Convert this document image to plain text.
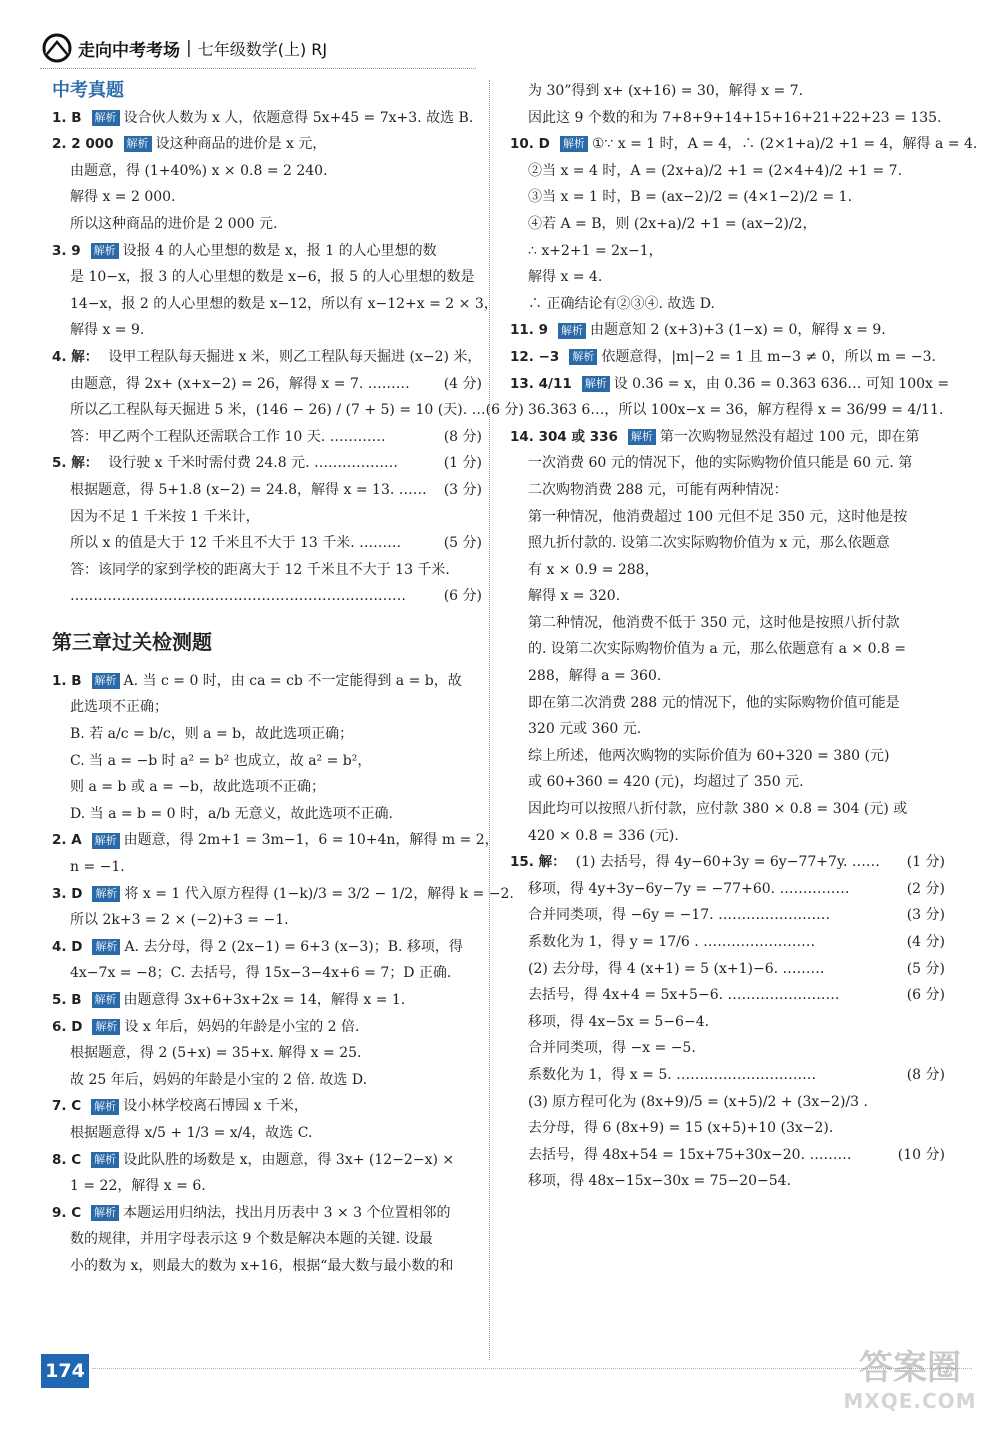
走向中考考场 | 七年级数学(上) RJ
中考真题
1. B 解析 设合伙人数为 x 人，依题意得 5x+45 = 7x+3. 故选 B.
2. 2 000 解析 设这种商品的进价是 x 元，
由题意，得 (1+40%) x × 0.8 = 2 240.
解得 x = 2 000.
所以这种商品的进价是 2 000 元.
3. 9 解析 设报 4 的人心里想的数是 x，报 1 的人心里想的数
是 10−x，报 3 的人心里想的数是 x−6，报 5 的人心里想的数是
14−x，报 2 的人心里想的数是 x−12，所以有 x−12+x = 2 × 3，
解得 x = 9.
4. 解： 设甲工程队每天掘进 x 米，则乙工程队每天掘进 (x−2) 米，
由题意，得 2x+ (x+x−2) = 26，解得 x = 7. ………	(4 分)
所以乙工程队每天掘进 5 米，(146 − 26) / (7 + 5) = 10 (天). … (6 分)
答：甲乙两个工程队还需联合工作 10 天. …………	(8 分)
5. 解： 设行驶 x 千米时需付费 24.8 元. ………………	(1 分)
根据题意，得 5+1.8 (x−2) = 24.8，解得 x = 13. ……	(3 分)
因为不足 1 千米按 1 千米计，
所以 x 的值是大于 12 千米且不大于 13 千米. ………	(5 分)
答：该同学的家到学校的距离大于 12 千米且不大于 13 千米.
………………………………………………………………	(6 分)
第三章过关检测题
1. B 解析 A. 当 c = 0 时，由 ca = cb 不一定能得到 a = b，故
此选项不正确；
B. 若 a/c = b/c，则 a = b，故此选项正确；
C. 当 a = −b 时 a² = b² 也成立，故 a² = b²，
则 a = b 或 a = −b，故此选项不正确；
D. 当 a = b = 0 时，a/b 无意义，故此选项不正确.
2. A 解析 由题意，得 2m+1 = 3m−1，6 = 10+4n，解得 m = 2，
n = −1.
3. D 解析 将 x = 1 代入原方程得 (1−k)/3 = 3/2 − 1/2，解得 k = −2.
所以 2k+3 = 2 × (−2)+3 = −1.
4. D 解析 A. 去分母，得 2 (2x−1) = 6+3 (x−3)；B. 移项，得
4x−7x = −8；C. 去括号，得 15x−3−4x+6 = 7；D 正确.
5. B 解析 由题意得 3x+6+3x+2x = 14，解得 x = 1.
6. D 解析 设 x 年后，妈妈的年龄是小宝的 2 倍.
根据题意，得 2 (5+x) = 35+x. 解得 x = 25.
故 25 年后，妈妈的年龄是小宝的 2 倍. 故选 D.
7. C 解析 设小林学校离石博园 x 千米，
根据题意得 x/5 + 1/3 = x/4，故选 C.
8. C 解析 设此队胜的场数是 x，由题意，得 3x+ (12−2−x) ×
1 = 22，解得 x = 6.
9. C 解析 本题运用归纳法，找出月历表中 3 × 3 个位置相邻的
数的规律，并用字母表示这 9 个数是解决本题的关键. 设最
小的数为 x，则最大的数为 x+16，根据“最大数与最小数的和
为 30”得到 x+ (x+16) = 30，解得 x = 7.
因此这 9 个数的和为 7+8+9+14+15+16+21+22+23 = 135.
10. D 解析 ①∵ x = 1 时，A = 4，∴ (2×1+a)/2 +1 = 4，解得 a = 4.
②当 x = 4 时，A = (2x+a)/2 +1 = (2×4+4)/2 +1 = 7.
③当 x = 1 时，B = (ax−2)/2 = (4×1−2)/2 = 1.
④若 A = B，则 (2x+a)/2 +1 = (ax−2)/2，
∴ x+2+1 = 2x−1，
解得 x = 4.
∴ 正确结论有②③④. 故选 D.
11. 9 解析 由题意知 2 (x+3)+3 (1−x) = 0，解得 x = 9.
12. −3 解析 依题意得，|m|−2 = 1 且 m−3 ≠ 0，所以 m = −3.
13. 4/11 解析 设 0.36̇ = x，由 0.36̇ = 0.363 636… 可知 100x =
36.363 6…，所以 100x−x = 36，解方程得 x = 36/99 = 4/11.
14. 304 或 336 解析 第一次购物显然没有超过 100 元，即在第
一次消费 60 元的情况下，他的实际购物价值只能是 60 元. 第
二次购物消费 288 元，可能有两种情况：
第一种情况，他消费超过 100 元但不足 350 元，这时他是按
照九折付款的. 设第二次实际购物价值为 x 元，那么依题意
有 x × 0.9 = 288，
解得 x = 320.
第二种情况，他消费不低于 350 元，这时他是按照八折付款
的. 设第二次实际购物价值为 a 元，那么依题意有 a × 0.8 =
288，解得 a = 360.
即在第二次消费 288 元的情况下，他的实际购物价值可能是
320 元或 360 元.
综上所述，他两次购物的实际价值为 60+320 = 380 (元)
或 60+360 = 420 (元)，均超过了 350 元.
因此均可以按照八折付款，应付款 380 × 0.8 = 304 (元) 或
420 × 0.8 = 336 (元).
15. 解： (1) 去括号，得 4y−60+3y = 6y−77+7y. ……	(1 分)
移项，得 4y+3y−6y−7y = −77+60. ……………	(2 分)
合并同类项，得 −6y = −17. ……………………	(3 分)
系数化为 1，得 y = 17/6 . ……………………	(4 分)
(2) 去分母，得 4 (x+1) = 5 (x+1)−6. ………	(5 分)
去括号，得 4x+4 = 5x+5−6. ……………………	(6 分)
移项，得 4x−5x = 5−6−4.
合并同类项，得 −x = −5.
系数化为 1，得 x = 5. …………………………	(8 分)
(3) 原方程可化为 (8x+9)/5 = (x+5)/2 + (3x−2)/3 .
去分母，得 6 (8x+9) = 15 (x+5)+10 (3x−2).
去括号，得 48x+54 = 15x+75+30x−20. ………	(10 分)
移项，得 48x−15x−30x = 75−20−54.
174	答案圈
MXQE.COM
